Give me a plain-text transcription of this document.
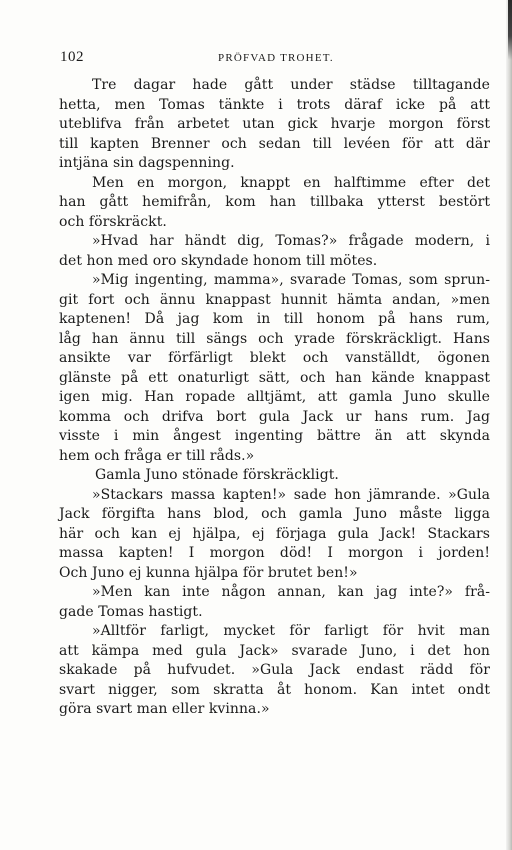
102	PRÖFVAD TROHET.
Tre dagar hade gått under städse tilltagande
hetta, men Tomas tänkte i trots däraf icke på att
uteblifva från arbetet utan gick hvarje morgon först
till kapten Brenner och sedan till levéen för att där
intjäna sin dagspenning.
Men en morgon, knappt en halftimme efter det
han gått hemifrån, kom han tillbaka ytterst bestört
och förskräckt.
»Hvad har händt dig, Tomas?» frågade modern, i
det hon med oro skyndade honom till mötes.
»Mig ingenting, mamma», svarade Tomas, som sprun-
git fort och ännu knappast hunnit hämta andan, »men
kaptenen! Då jag kom in till honom på hans rum,
låg han ännu till sängs och yrade förskräckligt. Hans
ansikte var förfärligt blekt och vanställdt, ögonen
glänste på ett onaturligt sätt, och han kände knappast
igen mig. Han ropade alltjämt, att gamla Juno skulle
komma och drifva bort gula Jack ur hans rum. Jag
visste i min ångest ingenting bättre än att skynda
hem och fråga er till råds.»
Gamla Juno stönade förskräckligt.
»Stackars massa kapten!» sade hon jämrande. »Gula
Jack förgifta hans blod, och gamla Juno måste ligga
här och kan ej hjälpa, ej förjaga gula Jack! Stackars
massa kapten! I morgon död! I morgon i jorden!
Och Juno ej kunna hjälpa för brutet ben!»
»Men kan inte någon annan, kan jag inte?» frå-
gade Tomas hastigt.
»Alltför farligt, mycket för farligt för hvit man
att kämpa med gula Jack» svarade Juno, i det hon
skakade på hufvudet. »Gula Jack endast rädd för
svart nigger, som skratta åt honom. Kan intet ondt
göra svart man eller kvinna.»
